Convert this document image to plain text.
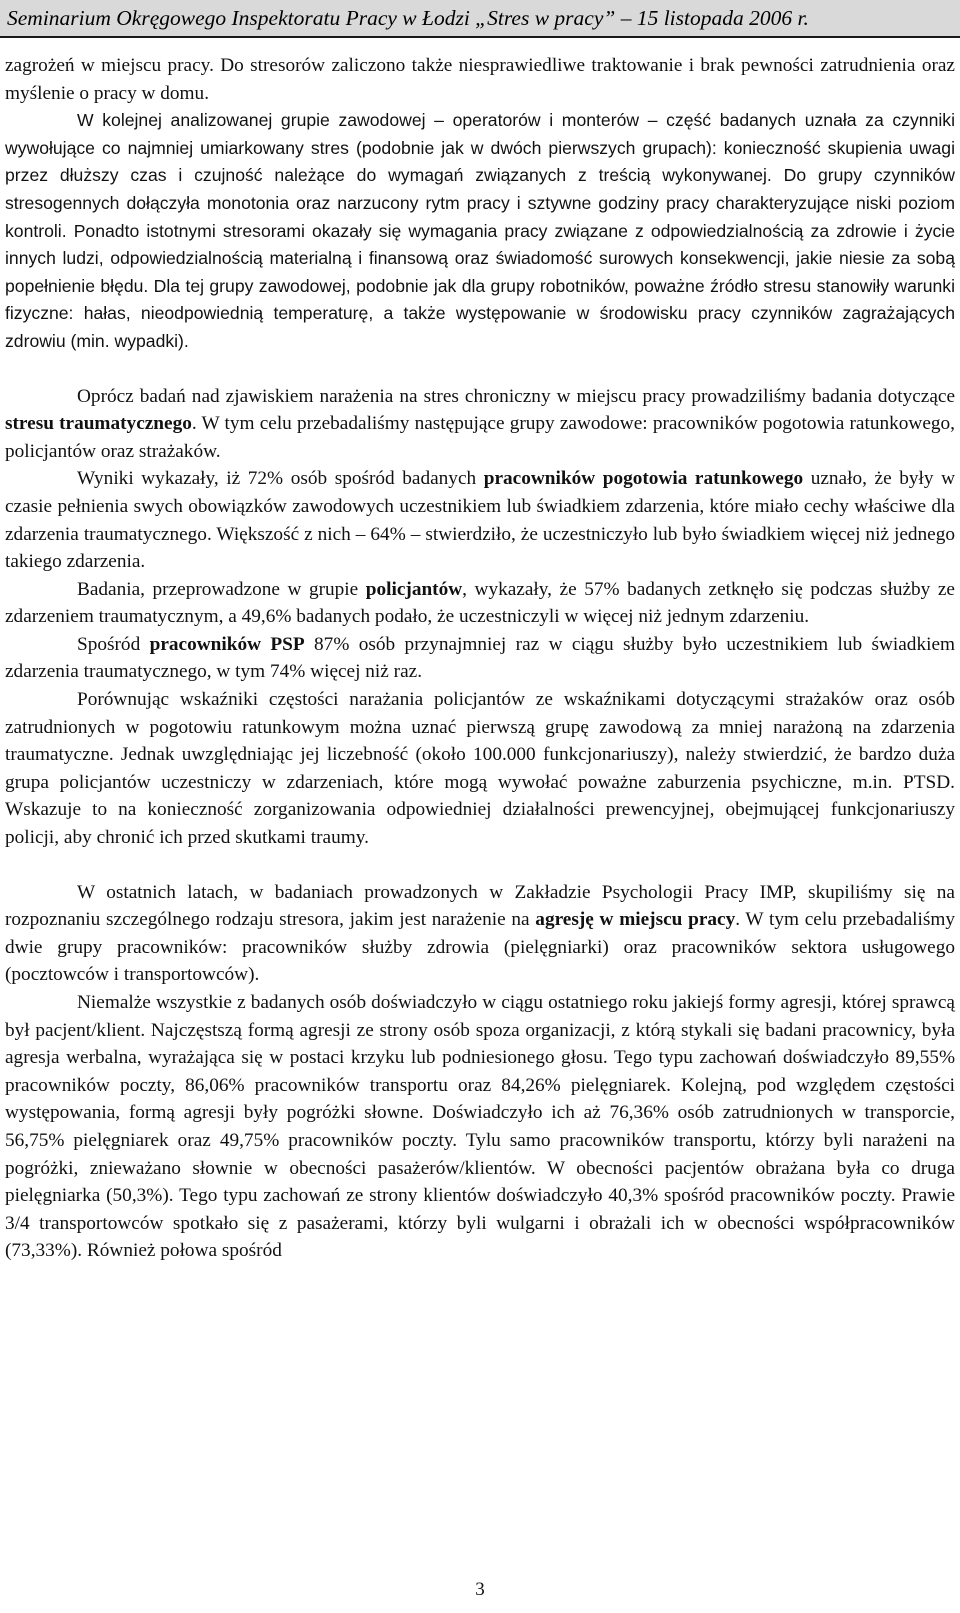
Seminarium Okręgowego Inspektoratu Pracy w Łodzi „Stres w pracy” – 15 listopada 2006 r.

zagrożeń w miejscu pracy. Do stresorów zaliczono także niesprawiedliwe traktowanie i brak pewności zatrudnienia oraz myślenie o pracy w domu.

W kolejnej analizowanej grupie zawodowej – operatorów i monterów – część badanych uznała za czynniki wywołujące co najmniej umiarkowany stres (podobnie jak w dwóch pierwszych grupach): konieczność skupienia uwagi przez dłuższy czas i czujność należące do wymagań związanych z treścią wykonywanej. Do grupy czynników stresogennych dołączyła monotonia oraz narzucony rytm pracy i sztywne godziny pracy charakteryzujące niski poziom kontroli. Ponadto istotnymi stresorami okazały się wymagania pracy związane z odpowiedzialnością za zdrowie i życie innych ludzi, odpowiedzialnością materialną i finansową oraz świadomość surowych konsekwencji, jakie niesie za sobą popełnienie błędu. Dla tej grupy zawodowej, podobnie jak dla grupy robotników, poważne źródło stresu stanowiły warunki fizyczne: hałas, nieodpowiednią temperaturę, a także występowanie w środowisku pracy czynników zagrażających zdrowiu (min. wypadki).

Oprócz badań nad zjawiskiem narażenia na stres chroniczny w miejscu pracy prowadziliśmy badania dotyczące stresu traumatycznego. W tym celu przebadaliśmy następujące grupy zawodowe: pracowników pogotowia ratunkowego, policjantów oraz strażaków.

Wyniki wykazały, iż 72% osób spośród badanych pracowników pogotowia ratunkowego uznało, że były w czasie pełnienia swych obowiązków zawodowych uczestnikiem lub świadkiem zdarzenia, które miało cechy właściwe dla zdarzenia traumatycznego. Większość z nich – 64% – stwierdziło, że uczestniczyło lub było świadkiem więcej niż jednego takiego zdarzenia.

Badania, przeprowadzone w grupie policjantów, wykazały, że 57% badanych zetknęło się podczas służby ze zdarzeniem traumatycznym, a 49,6% badanych podało, że uczestniczyli w więcej niż jednym zdarzeniu.

Spośród pracowników PSP 87% osób przynajmniej raz w ciągu służby było uczestnikiem lub świadkiem zdarzenia traumatycznego, w tym 74% więcej niż raz.

Porównując wskaźniki częstości narażania policjantów ze wskaźnikami dotyczącymi strażaków oraz osób zatrudnionych w pogotowiu ratunkowym można uznać pierwszą grupę zawodową za mniej narażoną na zdarzenia traumatyczne. Jednak uwzględniając jej liczebność (około 100.000 funkcjonariuszy), należy stwierdzić, że bardzo duża grupa policjantów uczestniczy w zdarzeniach, które mogą wywołać poważne zaburzenia psychiczne, m.in. PTSD. Wskazuje to na konieczność zorganizowania odpowiedniej działalności prewencyjnej, obejmującej funkcjonariuszy policji, aby chronić ich przed skutkami traumy.

W ostatnich latach, w badaniach prowadzonych w Zakładzie Psychologii Pracy IMP, skupiliśmy się na rozpoznaniu szczególnego rodzaju stresora, jakim jest narażenie na agresję w miejscu pracy. W tym celu przebadaliśmy dwie grupy pracowników: pracowników służby zdrowia (pielęgniarki) oraz pracowników sektora usługowego (pocztowców i transportowców).

Niemalże wszystkie z badanych osób doświadczyło w ciągu ostatniego roku jakiejś formy agresji, której sprawcą był pacjent/klient. Najczęstszą formą agresji ze strony osób spoza organizacji, z którą stykali się badani pracownicy, była agresja werbalna, wyrażająca się w postaci krzyku lub podniesionego głosu. Tego typu zachowań doświadczyło 89,55% pracowników poczty, 86,06% pracowników transportu oraz 84,26% pielęgniarek. Kolejną, pod względem częstości występowania, formą agresji były pogróżki słowne. Doświadczyło ich aż 76,36% osób zatrudnionych w transporcie, 56,75% pielęgniarek oraz 49,75% pracowników poczty. Tylu samo pracowników transportu, którzy byli narażeni na pogróżki, znieważano słownie w obecności pasażerów/klientów. W obecności pacjentów obrażana była co druga pielęgniarka (50,3%). Tego typu zachowań ze strony klientów doświadczyło 40,3% spośród pracowników poczty. Prawie 3/4 transportowców spotkało się z pasażerami, którzy byli wulgarni i obrażali ich w obecności współpracowników (73,33%). Również połowa spośród

3
